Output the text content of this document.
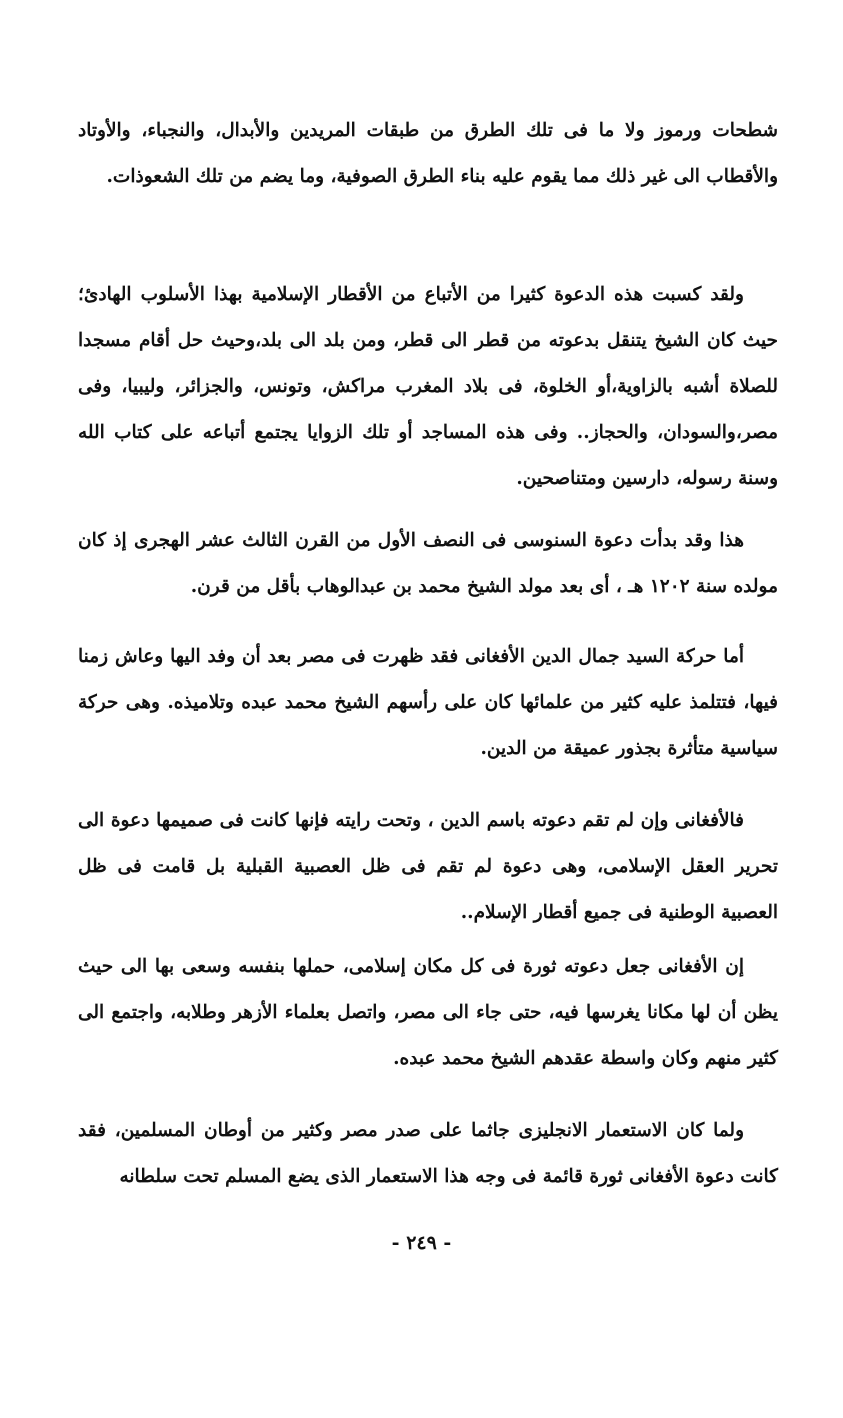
شطحات ورموز ولا ما فى تلك الطرق من طبقات المريدين والأبدال، والنجباء، والأوتاد والأقطاب الى غير ذلك مما يقوم عليه بناء الطرق الصوفية، وما يضم من تلك الشعوذات.

ولقد كسبت هذه الدعوة كثيرا من الأتباع من الأقطار الإسلامية بهذا الأسلوب الهادئ؛حيث كان الشيخ يتنقل بدعوته من قطر الى قطر، ومن بلد الى بلد،وحيث حل أقام مسجدا للصلاة أشبه بالزاوية،أو الخلوة، فى بلاد المغرب مراكش، وتونس، والجزائر، وليبيا، وفى مصر،والسودان، والحجاز.. وفى هذه المساجد أو تلك الزوايا يجتمع أتباعه على كتاب الله وسنة رسوله، دارسين ومتناصحين.

هذا وقد بدأت دعوة السنوسى فى النصف الأول من القرن الثالث عشر الهجرى إذ كان مولده سنة ١٢٠٢ هـ ، أى بعد مولد الشيخ محمد بن عبدالوهاب بأقل من قرن.

أما حركة السيد جمال الدين الأفغانى فقد ظهرت فى مصر بعد أن وفد اليها وعاش زمنا فيها، فتتلمذ عليه كثير من علمائها كان على رأسهم الشيخ محمد عبده وتلاميذه. وهى حركة سياسية متأثرة بجذور عميقة من الدين.

فالأفغانى وإن لم تقم دعوته باسم الدين ، وتحت رايته فإنها كانت فى صميمها دعوة الى تحرير العقل الإسلامى، وهى دعوة لم تقم فى ظل العصبية القبلية بل قامت فى ظل العصبية الوطنية فى جميع أقطار الإسلام..

إن الأفغانى جعل دعوته ثورة فى كل مكان إسلامى، حملها بنفسه وسعى بها الى حيث يظن أن لها مكانا يغرسها فيه، حتى جاء الى مصر، واتصل بعلماء الأزهر وطلابه، واجتمع الى كثير منهم وكان واسطة عقدهم الشيخ محمد عبده.

ولما كان الاستعمار الانجليزى جاثما على صدر مصر وكثير من أوطان المسلمين، فقد كانت دعوة الأفغانى ثورة قائمة فى وجه هذا الاستعمار الذى يضع المسلم تحت سلطانه

- ٢٤٩ -
